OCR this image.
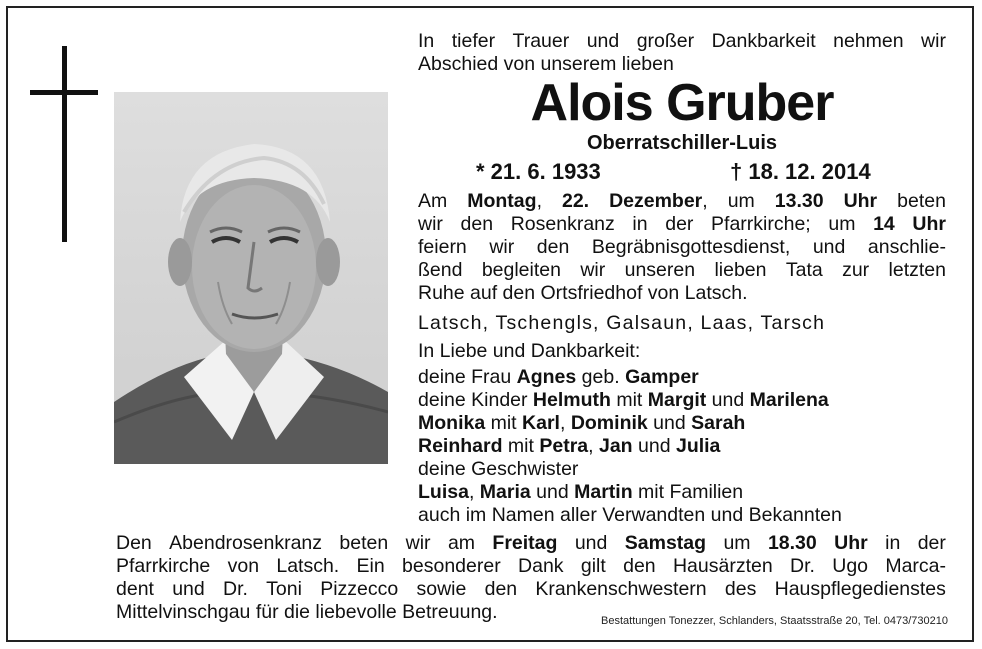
In tiefer Trauer und großer Dankbarkeit nehmen wir
Abschied von unserem lieben
Alois Gruber
Oberratschiller-Luis
* 21. 6. 1933	† 18. 12. 2014
Am Montag, 22. Dezember, um 13.30 Uhr beten
wir den Rosenkranz in der Pfarrkirche; um 14 Uhr
feiern wir den Begräbnisgottesdienst, und anschlie-
ßend begleiten wir unseren lieben Tata zur letzten
Ruhe auf den Ortsfriedhof von Latsch.
Latsch, Tschengls, Galsaun, Laas, Tarsch
In Liebe und Dankbarkeit:
deine Frau Agnes geb. Gamper
deine Kinder Helmuth mit Margit und Marilena
Monika mit Karl, Dominik und Sarah
Reinhard mit Petra, Jan und Julia
deine Geschwister
Luisa, Maria und Martin mit Familien
auch im Namen aller Verwandten und Bekannten
Den Abendrosenkranz beten wir am Freitag und Samstag um 18.30 Uhr in der
Pfarrkirche von Latsch. Ein besonderer Dank gilt den Hausärzten Dr. Ugo Marca-
dent und Dr. Toni Pizzecco sowie den Krankenschwestern des Hauspflegedienstes
Mittelvinschgau für die liebevolle Betreuung.	Bestattungen Tonezzer, Schlanders, Staatsstraße 20, Tel. 0473/730210
